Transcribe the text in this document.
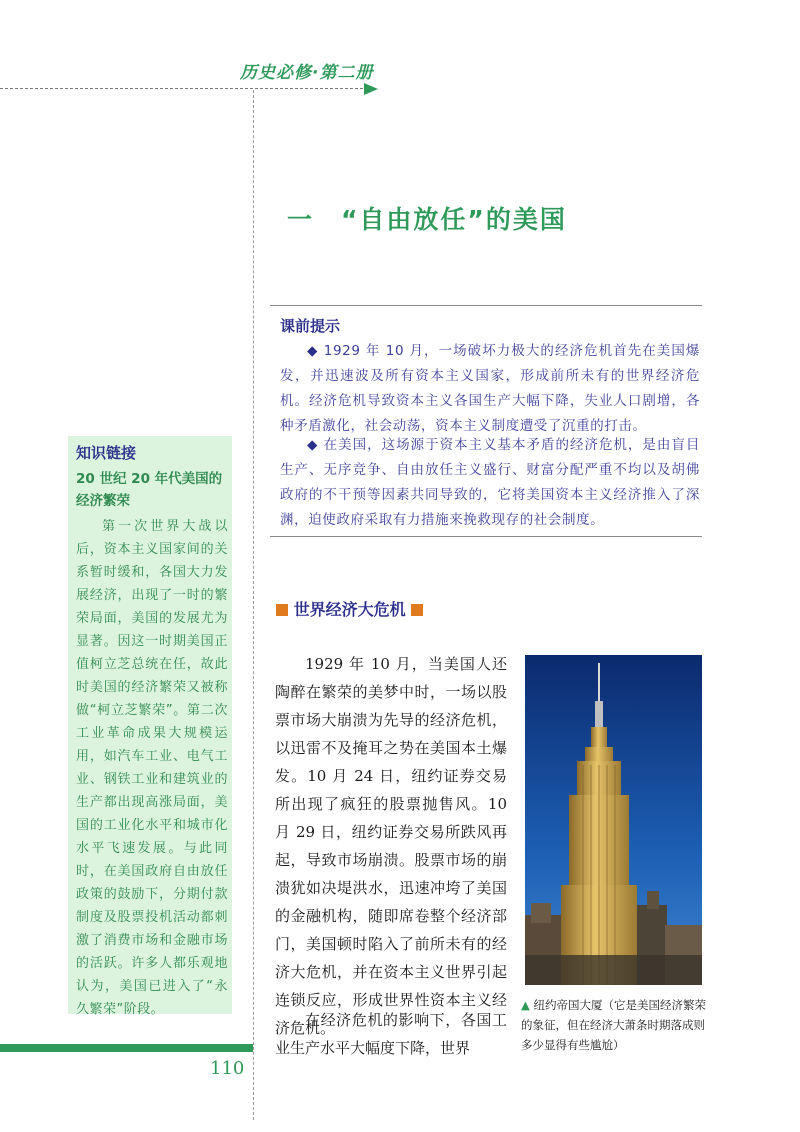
历史必修·第二册
一　“自由放任”的美国
课前提示
◆ 1929 年 10 月，一场破坏力极大的经济危机首先在美国爆发，并迅速波及所有资本主义国家，形成前所未有的世界经济危机。经济危机导致资本主义各国生产大幅下降，失业人口剧增，各种矛盾激化，社会动荡，资本主义制度遭受了沉重的打击。
◆ 在美国，这场源于资本主义基本矛盾的经济危机，是由盲目生产、无序竞争、自由放任主义盛行、财富分配严重不均以及胡佛政府的不干预等因素共同导致的，它将美国资本主义经济推入了深渊，迫使政府采取有力措施来挽救现存的社会制度。
知识链接
20 世纪 20 年代美国的经济繁荣
第一次世界大战以后，资本主义国家间的关系暂时缓和，各国大力发展经济，出现了一时的繁荣局面，美国的发展尤为显著。因这一时期美国正值柯立芝总统在任，故此时美国的经济繁荣又被称做“柯立芝繁荣”。第二次工业革命成果大规模运用，如汽车工业、电气工业、钢铁工业和建筑业的生产都出现高涨局面，美国的工业化水平和城市化水平飞速发展。与此同时，在美国政府自由放任政策的鼓励下，分期付款制度及股票投机活动都刺激了消费市场和金融市场的活跃。许多人都乐观地认为，美国已进入了“永久繁荣”阶段。
世界经济大危机
1929 年 10 月，当美国人还陶醉在繁荣的美梦中时，一场以股票市场大崩溃为先导的经济危机，以迅雷不及掩耳之势在美国本土爆发。10 月 24 日，纽约证券交易所出现了疯狂的股票抛售风。10 月 29 日，纽约证券交易所跌风再起，导致市场崩溃。股票市场的崩溃犹如决堤洪水，迅速冲垮了美国的金融机构，随即席卷整个经济部门，美国顿时陷入了前所未有的经济大危机，并在资本主义世界引起连锁反应，形成世界性资本主义经济危机。
在经济危机的影响下，各国工业生产水平大幅度下降，世界
▲ 纽约帝国大厦（它是美国经济繁荣的象征，但在经济大萧条时期落成则多少显得有些尴尬）
110
